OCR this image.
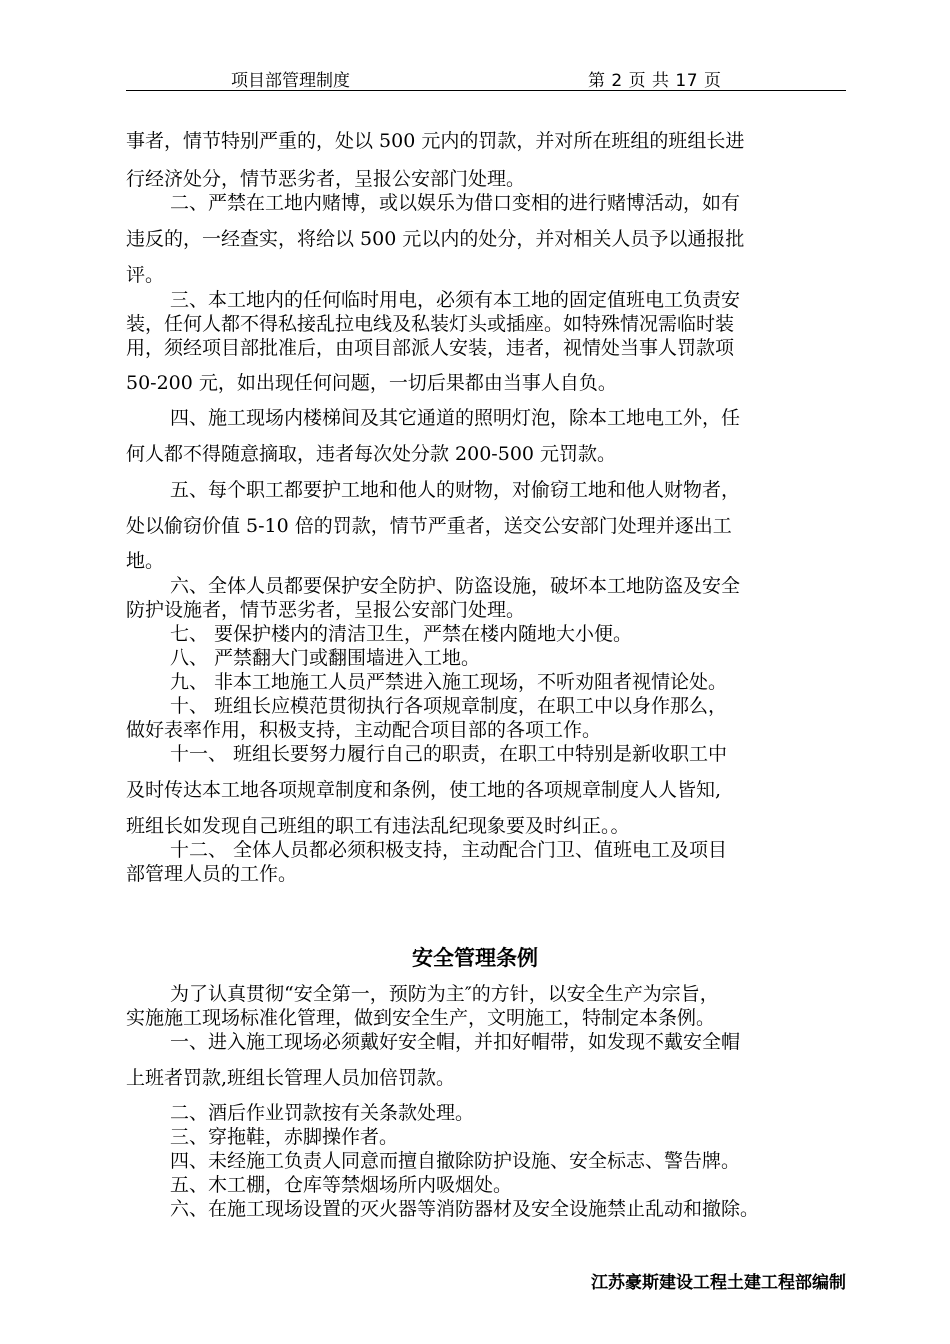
项目部管理制度	第 2 页 共 17 页
事者，情节特别严重的，处以 500 元内的罚款，并对所在班组的班组长进
行经济处分，情节恶劣者，呈报公安部门处理。
二、严禁在工地内赌博，或以娱乐为借口变相的进行赌博活动，如有
违反的，一经查实，将给以 500 元以内的处分，并对相关人员予以通报批
评。
三、本工地内的任何临时用电，必须有本工地的固定值班电工负责安
装，任何人都不得私接乱拉电线及私装灯头或插座。如特殊情况需临时装
用，须经项目部批准后，由项目部派人安装，违者，视情处当事人罚款项
50-200 元，如出现任何问题，一切后果都由当事人自负。
四、施工现场内楼梯间及其它通道的照明灯泡，除本工地电工外，任
何人都不得随意摘取，违者每次处分款 200-500 元罚款。
五、每个职工都要护工地和他人的财物，对偷窃工地和他人财物者，
处以偷窃价值 5-10 倍的罚款，情节严重者，送交公安部门处理并逐出工
地。
六、全体人员都要保护安全防护、防盗设施，破坏本工地防盗及安全
防护设施者，情节恶劣者，呈报公安部门处理。
七、 要保护楼内的清洁卫生，严禁在楼内随地大小便。
八、 严禁翻大门或翻围墙进入工地。
九、 非本工地施工人员严禁进入施工现场，不听劝阻者视情论处。
十、 班组长应模范贯彻执行各项规章制度，在职工中以身作那么，
做好表率作用，积极支持，主动配合项目部的各项工作。
十一、 班组长要努力履行自己的职责，在职工中特别是新收职工中
及时传达本工地各项规章制度和条例，使工地的各项规章制度人人皆知,
班组长如发现自己班组的职工有违法乱纪现象要及时纠正。。
十二、 全体人员都必须积极支持，主动配合门卫、值班电工及项目
部管理人员的工作。
安全管理条例
为了认真贯彻“安全第一，预防为主″的方针，以安全生产为宗旨，
实施施工现场标准化管理，做到安全生产，文明施工，特制定本条例。
一、进入施工现场必须戴好安全帽，并扣好帽带，如发现不戴安全帽
上班者罚款,班组长管理人员加倍罚款。
二、酒后作业罚款按有关条款处理。
三、穿拖鞋，赤脚操作者。
四、未经施工负责人同意而擅自撤除防护设施、安全标志、警告牌。
五、木工棚，仓库等禁烟场所内吸烟处。
六、在施工现场设置的灭火器等消防器材及安全设施禁止乱动和撤除。
江苏豪斯建设工程土建工程部编制
